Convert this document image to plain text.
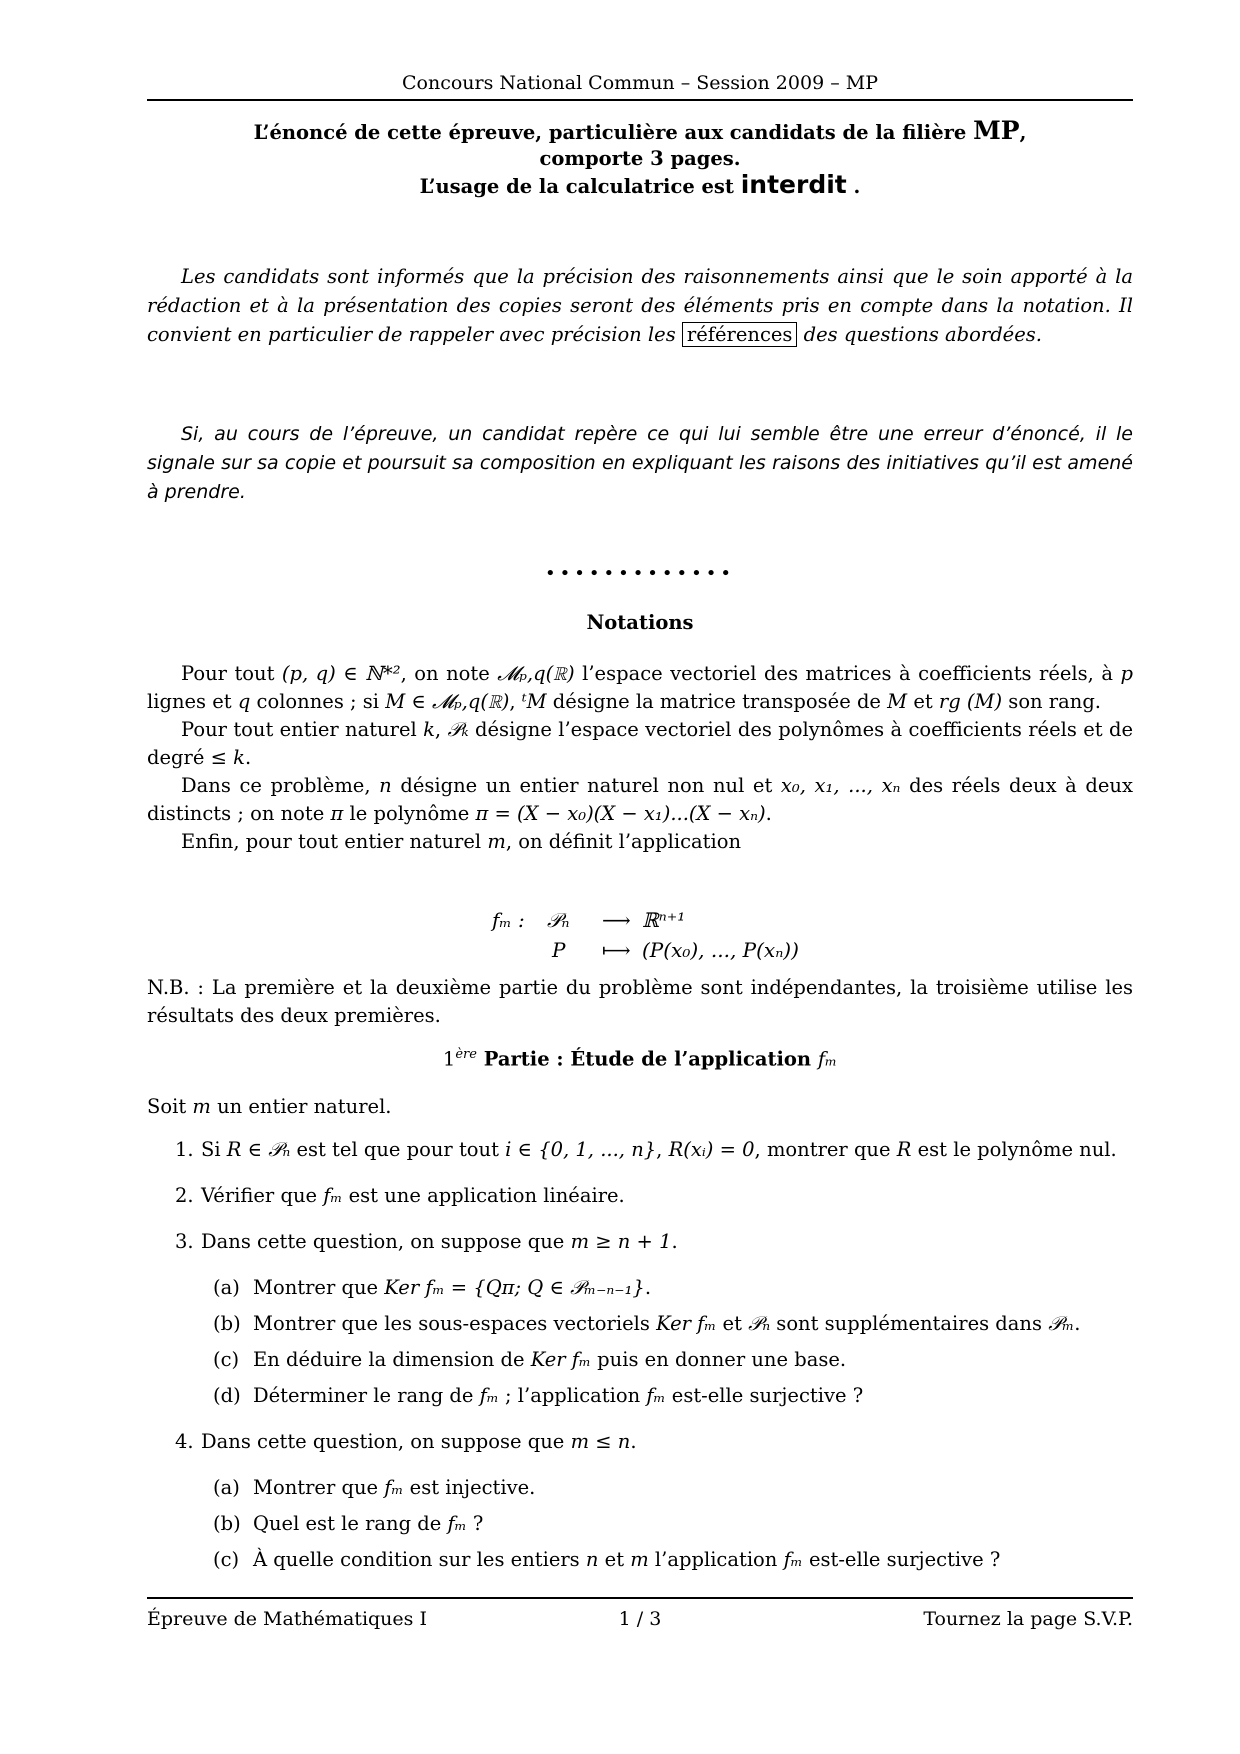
Concours National Commun – Session 2009 – MP
L’énoncé de cette épreuve, particulière aux candidats de la filière MP,
comporte 3 pages.
L’usage de la calculatrice est interdit .
Les candidats sont informés que la précision des raisonnements ainsi que le soin apporté à la rédaction et à la présentation des copies seront des éléments pris en compte dans la notation. Il convient en particulier de rappeler avec précision les références des questions abordées.
Si, au cours de l’épreuve, un candidat repère ce qui lui semble être une erreur d’énoncé, il le signale sur sa copie et poursuit sa composition en expliquant les raisons des initiatives qu’il est amené à prendre.
•••••••••••••
Notations
Pour tout (p, q) ∈ ℕ*², on note 𝓜ₚ,q(ℝ) l’espace vectoriel des matrices à coefficients réels, à p lignes et q colonnes ; si M ∈ 𝓜ₚ,q(ℝ), ᵗM désigne la matrice transposée de M et rg (M) son rang.
Pour tout entier naturel k, 𝒫ₖ désigne l’espace vectoriel des polynômes à coefficients réels et de degré ≤ k.
Dans ce problème, n désigne un entier naturel non nul et x₀, x₁, ..., xₙ des réels deux à deux distincts ; on note π le polynôme π = (X − x₀)(X − x₁)...(X − xₙ).
Enfin, pour tout entier naturel m, on définit l’application
fₘ : 𝒫ₙ ⟶ ℝⁿ⁺¹
P ⟼ (P(x₀), ..., P(xₙ))
N.B. : La première et la deuxième partie du problème sont indépendantes, la troisième utilise les résultats des deux premières.
1ère Partie : Étude de l’application fₘ
Soit m un entier naturel.
1. Si R ∈ 𝒫ₙ est tel que pour tout i ∈ {0, 1, ..., n}, R(xᵢ) = 0, montrer que R est le polynôme nul.
2. Vérifier que fₘ est une application linéaire.
3. Dans cette question, on suppose que m ≥ n + 1.
(a) Montrer que Ker fₘ = {Qπ; Q ∈ 𝒫ₘ₋ₙ₋₁}.
(b) Montrer que les sous-espaces vectoriels Ker fₘ et 𝒫ₙ sont supplémentaires dans 𝒫ₘ.
(c) En déduire la dimension de Ker fₘ puis en donner une base.
(d) Déterminer le rang de fₘ ; l’application fₘ est-elle surjective ?
4. Dans cette question, on suppose que m ≤ n.
(a) Montrer que fₘ est injective.
(b) Quel est le rang de fₘ ?
(c) À quelle condition sur les entiers n et m l’application fₘ est-elle surjective ?
Épreuve de Mathématiques I	1 / 3	Tournez la page S.V.P.
